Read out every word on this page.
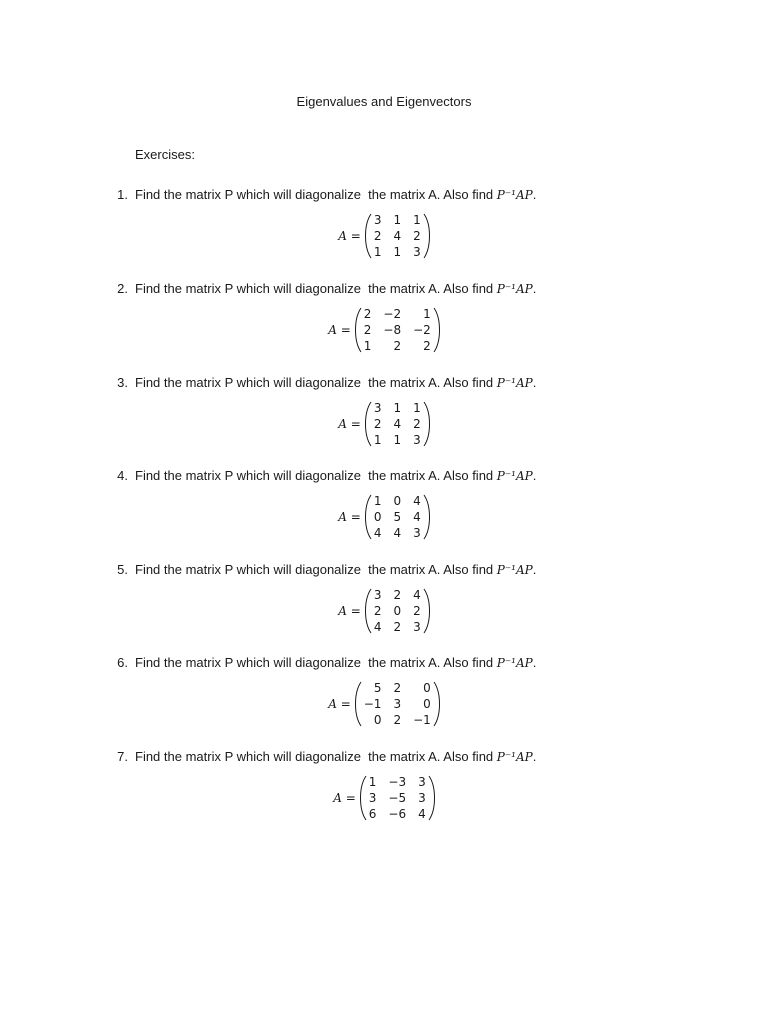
Eigenvalues and Eigenvectors
Exercises:
1. Find the matrix P which will diagonalize  the matrix A. Also find P⁻¹AP.
A =
3 1 1
2 4 2
1 1 3
2. Find the matrix P which will diagonalize  the matrix A. Also find P⁻¹AP.
A =
2 −2	1
2 −8 −2
1	2	2
3. Find the matrix P which will diagonalize  the matrix A. Also find P⁻¹AP.
A =
3 1 1
2 4 2
1 1 3
4. Find the matrix P which will diagonalize  the matrix A. Also find P⁻¹AP.
A =
1 0 4
0 5 4
4 4 3
5. Find the matrix P which will diagonalize  the matrix A. Also find P⁻¹AP.
A =
3 2 4
2 0 2
4 2 3
6. Find the matrix P which will diagonalize  the matrix A. Also find P⁻¹AP.
A =
5 2	0
−1 3	0
0 2 −1
7. Find the matrix P which will diagonalize  the matrix A. Also find P⁻¹AP.
A =
1 −3 3
3 −5 3
6 −6 4
